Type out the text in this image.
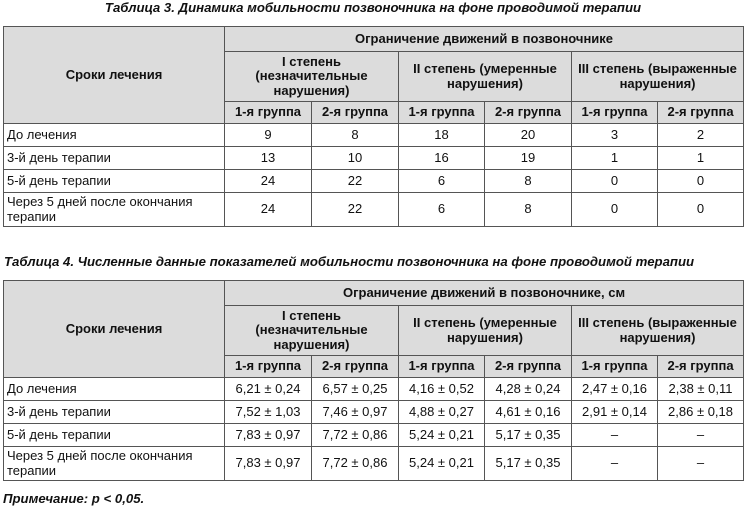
Таблица 3. Динамика мобильности позвоночника на фоне проводимой терапии
Сроки лечения	Ограничение движений в позвоночнике					
	I степень (незначительные нарушения)		II степень (умеренные нарушения)		III степень (выраженные нарушения)	
	1-я группа	2-я группа	1-я группа	2-я группа	1-я группа	2-я группа
До лечения	9	8	18	20	3	2
3-й день терапии	13	10	16	19	1	1
5-й день терапии	24	22	6	8	0	0
Через 5 дней после окончания терапии	24	22	6	8	0	0
Таблица 4. Численные данные показателей мобильности позвоночника на фоне проводимой терапии
Сроки лечения	Ограничение движений в позвоночнике, см					
	I степень (незначительные нарушения)		II степень (умеренные нарушения)		III степень (выраженные нарушения)	
	1-я группа	2-я группа	1-я группа	2-я группа	1-я группа	2-я группа
До лечения	6,21 ± 0,24	6,57 ± 0,25	4,16 ± 0,52	4,28 ± 0,24	2,47 ± 0,16	2,38 ± 0,11
3-й день терапии	7,52 ± 1,03	7,46 ± 0,97	4,88 ± 0,27	4,61 ± 0,16	2,91 ± 0,14	2,86 ± 0,18
5-й день терапии	7,83 ± 0,97	7,72 ± 0,86	5,24 ± 0,21	5,17 ± 0,35	–	–
Через 5 дней после окончания терапии	7,83 ± 0,97	7,72 ± 0,86	5,24 ± 0,21	5,17 ± 0,35	–	–
Примечание: p < 0,05.
